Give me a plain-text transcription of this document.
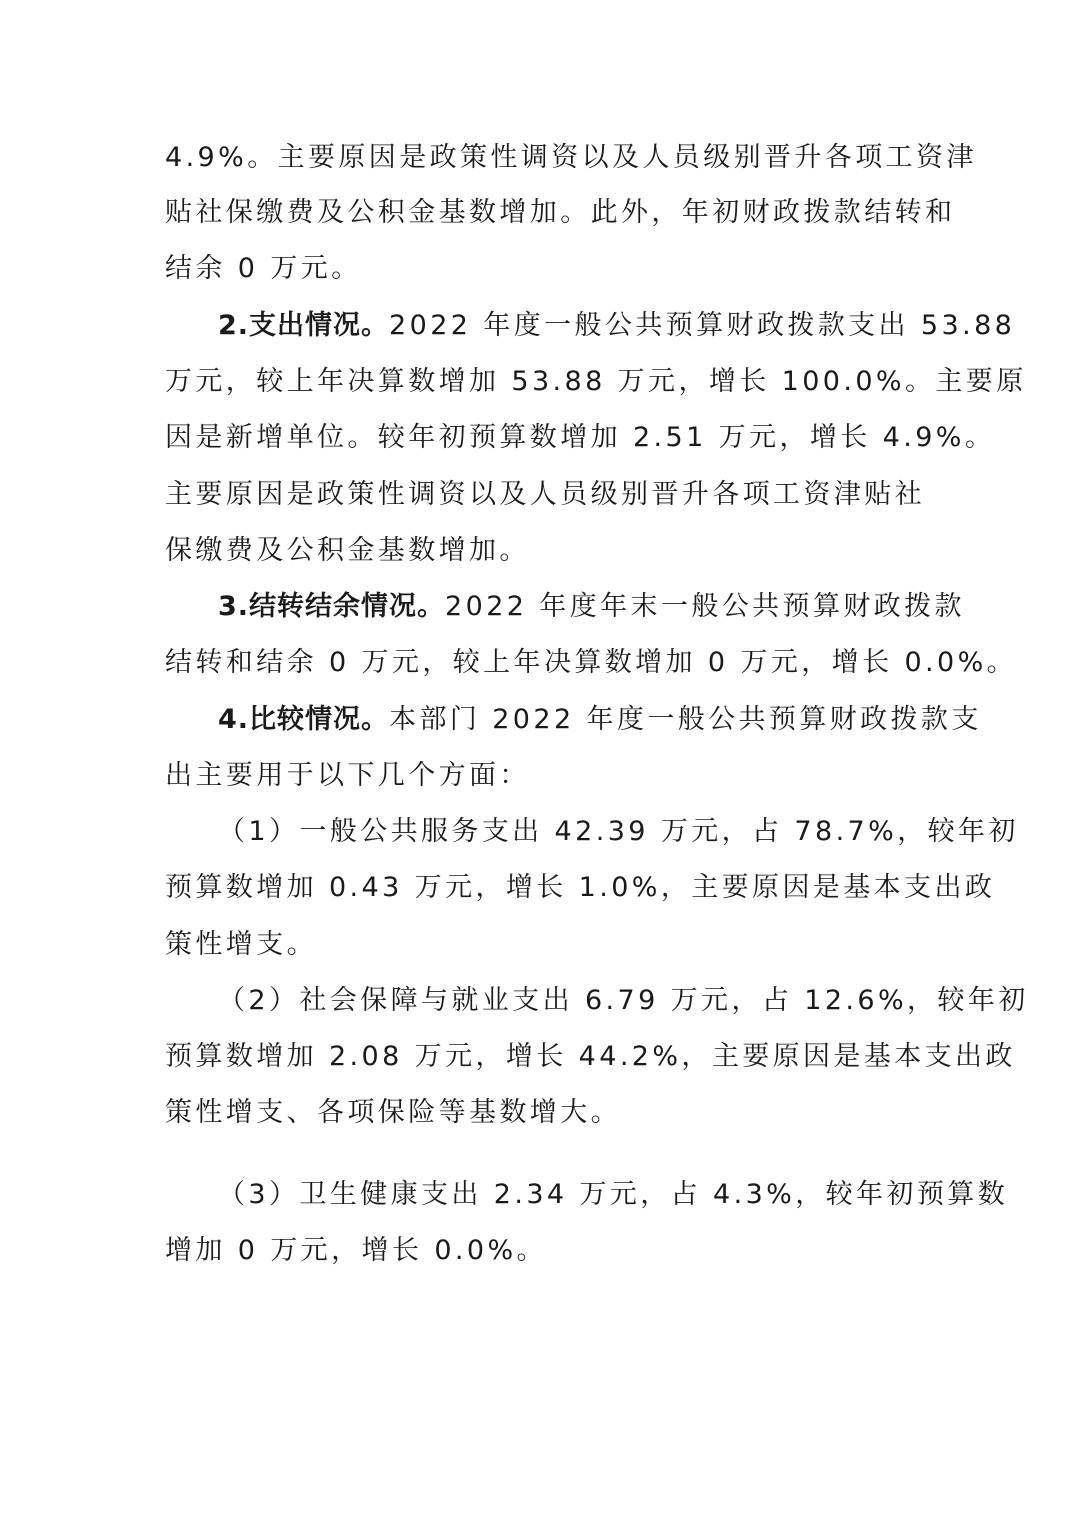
4.9%。主要原因是政策性调资以及人员级别晋升各项工资津
贴社保缴费及公积金基数增加。此外，年初财政拨款结转和
结余 0 万元。
2.支出情况。2022 年度一般公共预算财政拨款支出 53.88
万元，较上年决算数增加 53.88 万元，增长 100.0%。主要原
因是新增单位。较年初预算数增加 2.51 万元，增长 4.9%。
主要原因是政策性调资以及人员级别晋升各项工资津贴社
保缴费及公积金基数增加。
3.结转结余情况。2022 年度年末一般公共预算财政拨款
结转和结余 0 万元，较上年决算数增加 0 万元，增长 0.0%。
4.比较情况。本部门 2022 年度一般公共预算财政拨款支
出主要用于以下几个方面：
（1）一般公共服务支出 42.39 万元，占 78.7%，较年初
预算数增加 0.43 万元，增长 1.0%，主要原因是基本支出政
策性增支。
（2）社会保障与就业支出 6.79 万元，占 12.6%，较年初
预算数增加 2.08 万元，增长 44.2%，主要原因是基本支出政
策性增支、各项保险等基数增大。
（3）卫生健康支出 2.34 万元，占 4.3%，较年初预算数
增加 0 万元，增长 0.0%。
